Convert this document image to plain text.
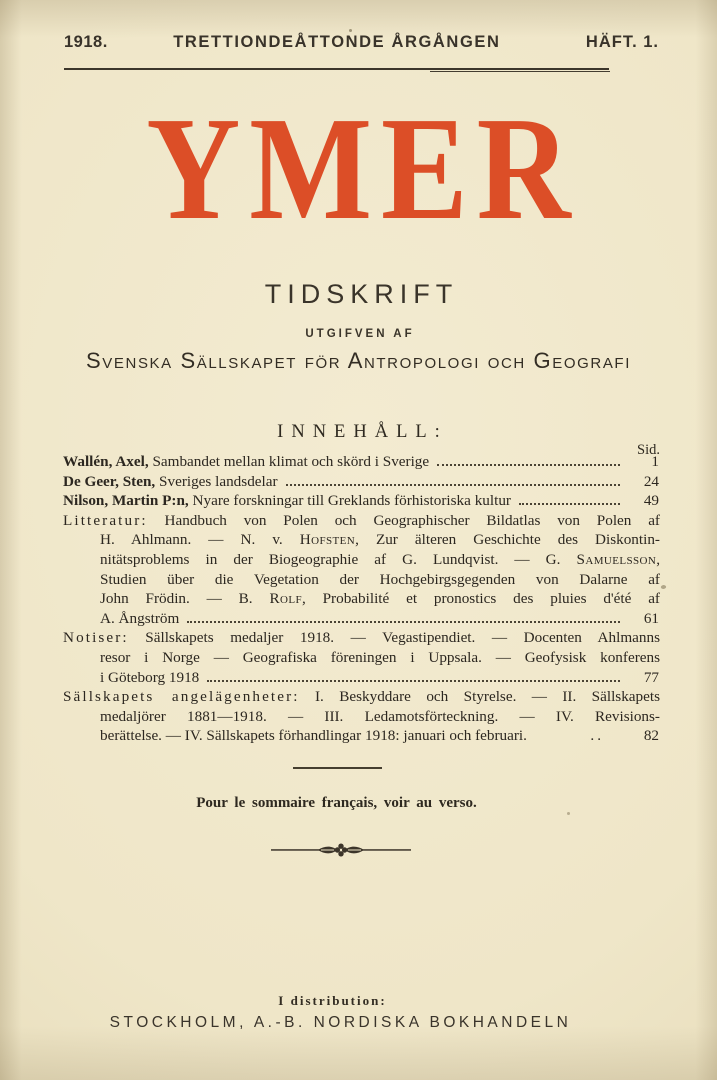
1918.	TRETTIONDEÅTTONDE ÅRGÅNGEN	HÄFT. 1.
YMER
TIDSKRIFT
UTGIFVEN AF
Svenska Sällskapet för Antropologi och Geografi
INNEHÅLL:
Sid.
Wallén, Axel, Sambandet mellan klimat och skörd i Sverige	1
De Geer, Sten, Sveriges landsdelar	24
Nilson, Martin P:n, Nyare forskningar till Greklands förhistoriska kultur	49
Litteratur: Handbuch von Polen och Geographischer Bildatlas von Polen af
H. Ahlmann. — N. v. Hofsten, Zur älteren Geschichte des Diskontin-
nitätsproblems in der Biogeographie af G. Lundqvist. — G. Samuelsson,
Studien über die Vegetation der Hochgebirgsgegenden von Dalarne af
John Frödin. — B. Rolf, Probabilité et pronostics des pluies d'été af
A. Ångström	61
Notiser: Sällskapets medaljer 1918. — Vegastipendiet. — Docenten Ahlmanns
resor i Norge — Geografiska föreningen i Uppsala. — Geofysisk konferens
i Göteborg 1918	77
Sällskapets angelägenheter: I. Beskyddare och Styrelse. — II. Sällskapets
medaljörer 1881—1918. — III. Ledamotsförteckning. — IV. Revisions-
berättelse. — IV. Sällskapets förhandlingar 1918: januari och februari.	..	82
Pour le sommaire français, voir au verso.
I distribution:
STOCKHOLM, A.-B. NORDISKA BOKHANDELN
